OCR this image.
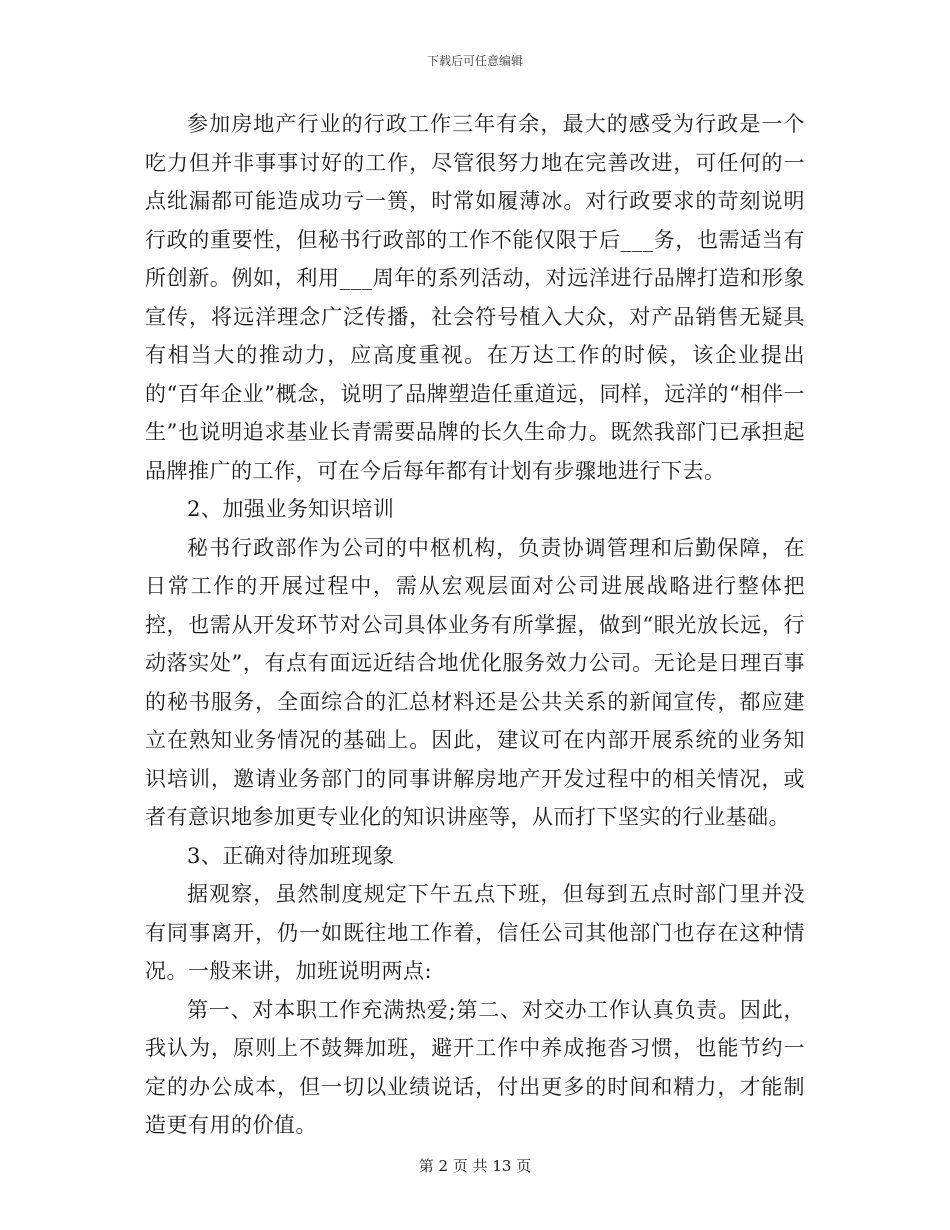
下载后可任意编辑

参加房地产行业的行政工作三年有余，最大的感受为行政是一个吃力但并非事事讨好的工作，尽管很努力地在完善改进，可任何的一点纰漏都可能造成功亏一篑，时常如履薄冰。对行政要求的苛刻说明行政的重要性，但秘书行政部的工作不能仅限于后___务，也需适当有所创新。例如，利用___周年的系列活动，对远洋进行品牌打造和形象宣传，将远洋理念广泛传播，社会符号植入大众，对产品销售无疑具有相当大的推动力，应高度重视。在万达工作的时候，该企业提出的“百年企业”概念，说明了品牌塑造任重道远，同样，远洋的“相伴一生”也说明追求基业长青需要品牌的长久生命力。既然我部门已承担起品牌推广的工作，可在今后每年都有计划有步骤地进行下去。

2、加强业务知识培训

秘书行政部作为公司的中枢机构，负责协调管理和后勤保障，在日常工作的开展过程中，需从宏观层面对公司进展战略进行整体把控，也需从开发环节对公司具体业务有所掌握，做到“眼光放长远，行动落实处”，有点有面远近结合地优化服务效力公司。无论是日理百事的秘书服务，全面综合的汇总材料还是公共关系的新闻宣传，都应建立在熟知业务情况的基础上。因此，建议可在内部开展系统的业务知识培训，邀请业务部门的同事讲解房地产开发过程中的相关情况，或者有意识地参加更专业化的知识讲座等，从而打下坚实的行业基础。

3、正确对待加班现象

据观察，虽然制度规定下午五点下班，但每到五点时部门里并没有同事离开，仍一如既往地工作着，信任公司其他部门也存在这种情况。一般来讲，加班说明两点:

第一、对本职工作充满热爱;第二、对交办工作认真负责。因此，我认为，原则上不鼓舞加班，避开工作中养成拖沓习惯，也能节约一定的办公成本，但一切以业绩说话，付出更多的时间和精力，才能制造更有用的价值。

第 2 页 共 13 页
